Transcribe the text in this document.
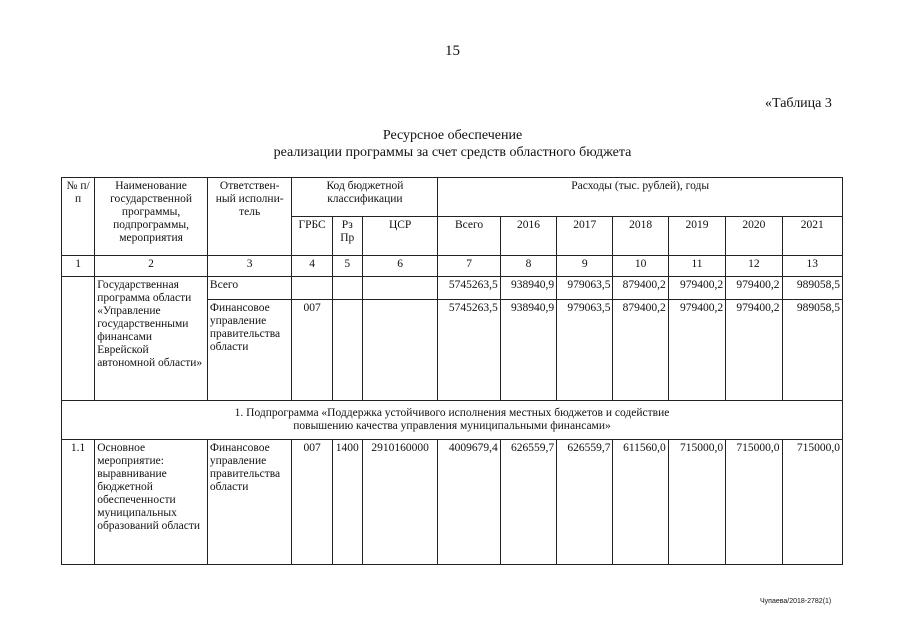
15
«Таблица 3
Ресурсное обеспечение
реализации программы за счет средств областного бюджета
№ п/п	Наименование государственной программы, подпрограммы, мероприятия	Ответствен-ный исполни-тель	Код бюджетной классификации			Расходы (тыс. рублей), годы						
			ГРБС	Рз Пр	ЦСР	Всего	2016	2017	2018	2019	2020	2021
1	2	3	4	5	6	7	8	9	10	11	12	13
	Государственная программа области «Управление государственными финансами Еврейской автономной области»	Всего				5745263,5	938940,9	979063,5	879400,2	979400,2	979400,2	989058,5
		Финансовое управление правительства области	007			5745263,5	938940,9	979063,5	879400,2	979400,2	979400,2	989058,5
1. Подпрограмма «Поддержка устойчивого исполнения местных бюджетов и содействие повышению качества управления муниципальными финансами»												
1.1	Основное мероприятие: выравнивание бюджетной обеспеченности муниципальных образований области	Финансовое управление правительства области	007	1400	2910160000	4009679,4	626559,7	626559,7	611560,0	715000,0	715000,0	715000,0
Чупаева/2018-2782(1)
